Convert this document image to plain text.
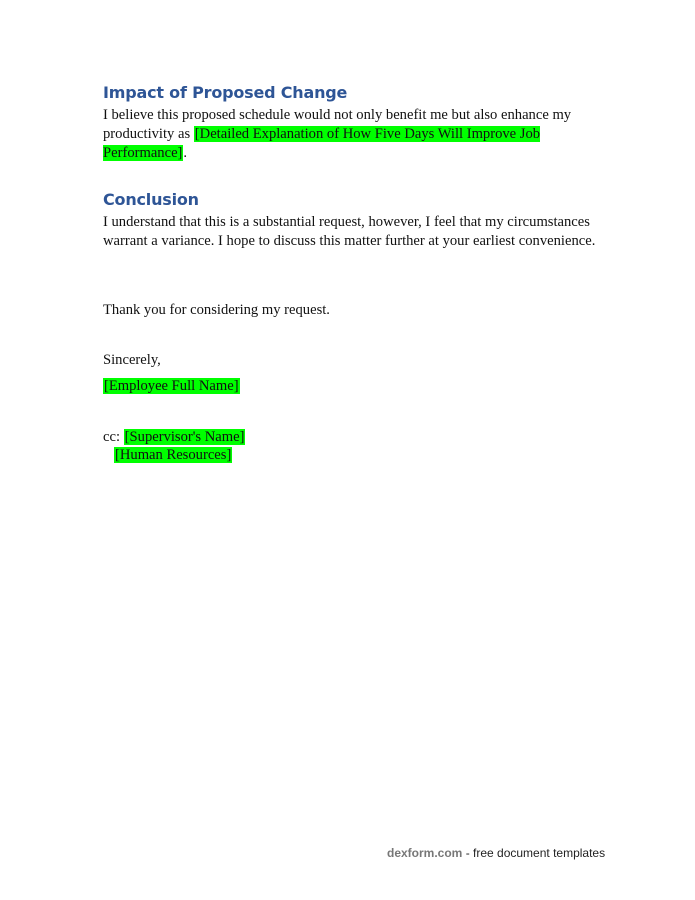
Impact of Proposed Change
I believe this proposed schedule would not only benefit me but also enhance my productivity as [Detailed Explanation of How Five Days Will Improve Job Performance].
Conclusion
I understand that this is a substantial request, however, I feel that my circumstances warrant a variance. I hope to discuss this matter further at your earliest convenience.
Thank you for considering my request.
Sincerely,
[Employee Full Name]
cc: [Supervisor's Name]
[Human Resources]
dexform.com - free document templates
